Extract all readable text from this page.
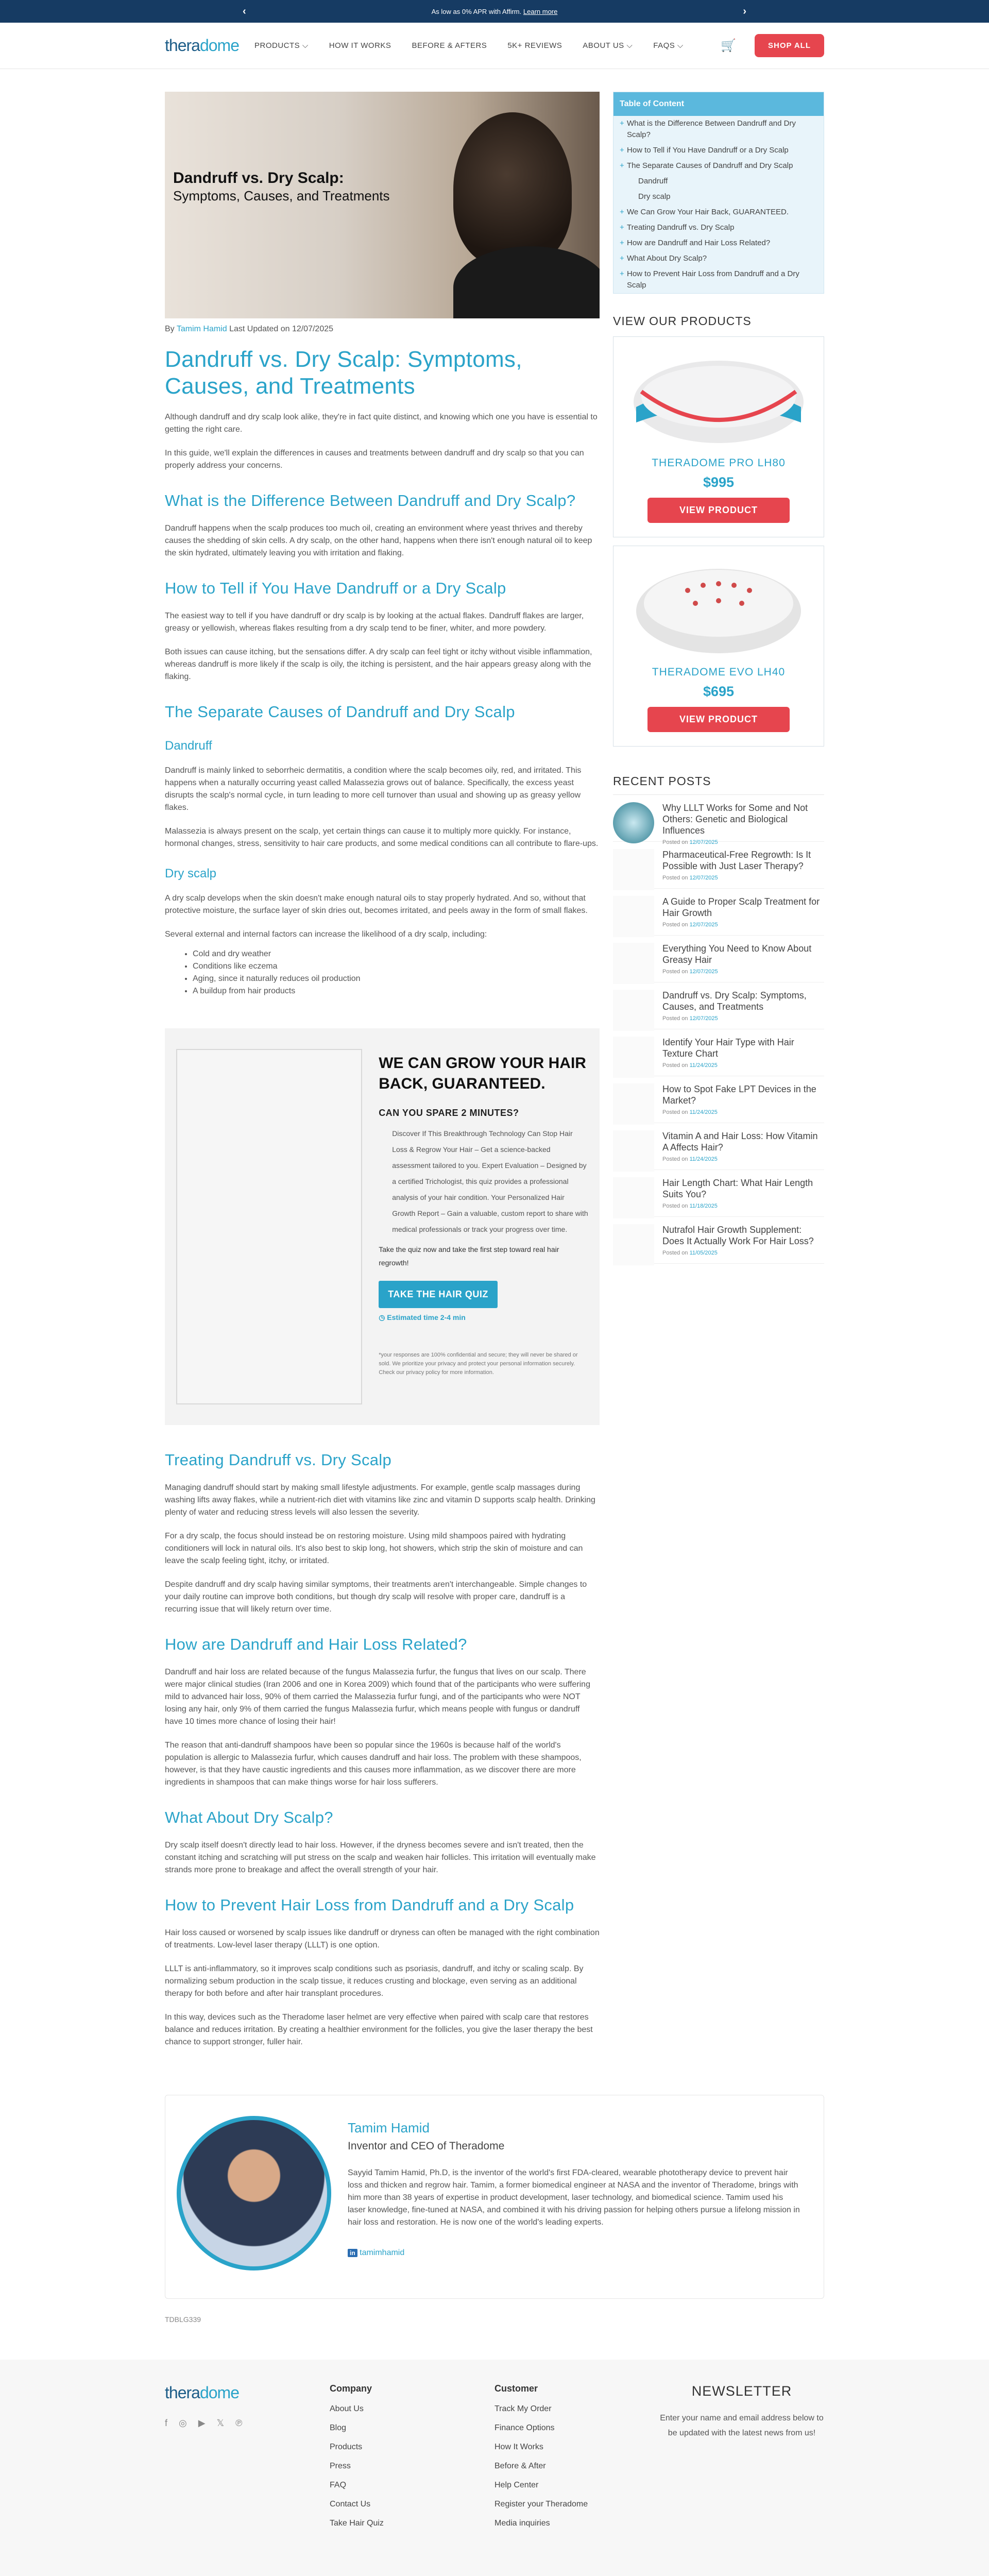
‹	As low as 0% APR with Affirm. Learn more	›
theradome	PRODUCTS ⌵	HOW IT WORKS	BEFORE & AFTERS	5K+ REVIEWS	ABOUT US ⌵	FAQS ⌵	🛒	SHOP ALL
Dandruff vs. Dry Scalp:
Symptoms, Causes, and Treatments
By Tamim Hamid Last Updated on 12/07/2025
Dandruff vs. Dry Scalp: Symptoms, Causes, and Treatments

Although dandruff and dry scalp look alike, they're in fact quite distinct, and knowing which one you have is essential to getting the right care.

In this guide, we'll explain the differences in causes and treatments between dandruff and dry scalp so that you can properly address your concerns.

What is the Difference Between Dandruff and Dry Scalp?

Dandruff happens when the scalp produces too much oil, creating an environment where yeast thrives and thereby causes the shedding of skin cells. A dry scalp, on the other hand, happens when there isn't enough natural oil to keep the skin hydrated, ultimately leaving you with irritation and flaking.

How to Tell if You Have Dandruff or a Dry Scalp

The easiest way to tell if you have dandruff or dry scalp is by looking at the actual flakes. Dandruff flakes are larger, greasy or yellowish, whereas flakes resulting from a dry scalp tend to be finer, whiter, and more powdery.

Both issues can cause itching, but the sensations differ. A dry scalp can feel tight or itchy without visible inflammation, whereas dandruff is more likely if the scalp is oily, the itching is persistent, and the hair appears greasy along with the flaking.

The Separate Causes of Dandruff and Dry Scalp
Dandruff

Dandruff is mainly linked to seborrheic dermatitis, a condition where the scalp becomes oily, red, and irritated. This happens when a naturally occurring yeast called Malassezia grows out of balance. Specifically, the excess yeast disrupts the scalp's normal cycle, in turn leading to more cell turnover than usual and showing up as greasy yellow flakes.

Malassezia is always present on the scalp, yet certain things can cause it to multiply more quickly. For instance, hormonal changes, stress, sensitivity to hair care products, and some medical conditions can all contribute to flare-ups.

Dry scalp

A dry scalp develops when the skin doesn't make enough natural oils to stay properly hydrated. And so, without that protective moisture, the surface layer of skin dries out, becomes irritated, and peels away in the form of small flakes.

Several external and internal factors can increase the likelihood of a dry scalp, including:

• Cold and dry weather
• Conditions like eczema
• Aging, since it naturally reduces oil production
• A buildup from hair products
WE CAN GROW YOUR HAIR BACK, GUARANTEED.
CAN YOU SPARE 2 MINUTES?
Discover If This Breakthrough Technology Can Stop Hair Loss & Regrow Your Hair – Get a science-backed assessment tailored to you. Expert Evaluation – Designed by a certified Trichologist, this quiz provides a professional analysis of your hair condition. Your Personalized Hair Growth Report – Gain a valuable, custom report to share with medical professionals or track your progress over time.
Take the quiz now and take the first step toward real hair regrowth!
TAKE THE HAIR QUIZ
◷ Estimated time 2-4 min
*your responses are 100% confidential and secure; they will never be shared or sold. We prioritize your privacy and protect your personal information securely. Check our privacy policy for more information.
Treating Dandruff vs. Dry Scalp

Managing dandruff should start by making small lifestyle adjustments. For example, gentle scalp massages during washing lifts away flakes, while a nutrient-rich diet with vitamins like zinc and vitamin D supports scalp health. Drinking plenty of water and reducing stress levels will also lessen the severity.

For a dry scalp, the focus should instead be on restoring moisture. Using mild shampoos paired with hydrating conditioners will lock in natural oils. It's also best to skip long, hot showers, which strip the skin of moisture and can leave the scalp feeling tight, itchy, or irritated.

Despite dandruff and dry scalp having similar symptoms, their treatments aren't interchangeable. Simple changes to your daily routine can improve both conditions, but though dry scalp will resolve with proper care, dandruff is a recurring issue that will likely return over time.

How are Dandruff and Hair Loss Related?

Dandruff and hair loss are related because of the fungus Malassezia furfur, the fungus that lives on our scalp. There were major clinical studies (Iran 2006 and one in Korea 2009) which found that of the participants who were suffering mild to advanced hair loss, 90% of them carried the Malassezia furfur fungi, and of the participants who were NOT losing any hair, only 9% of them carried the fungus Malassezia furfur, which means people with fungus or dandruff have 10 times more chance of losing their hair!

The reason that anti-dandruff shampoos have been so popular since the 1960s is because half of the world's population is allergic to Malassezia furfur, which causes dandruff and hair loss. The problem with these shampoos, however, is that they have caustic ingredients and this causes more inflammation, as we discover there are more ingredients in shampoos that can make things worse for hair loss sufferers.

What About Dry Scalp?

Dry scalp itself doesn't directly lead to hair loss. However, if the dryness becomes severe and isn't treated, then the constant itching and scratching will put stress on the scalp and weaken hair follicles. This irritation will eventually make strands more prone to breakage and affect the overall strength of your hair.

How to Prevent Hair Loss from Dandruff and a Dry Scalp

Hair loss caused or worsened by scalp issues like dandruff or dryness can often be managed with the right combination of treatments. Low-level laser therapy (LLLT) is one option.

LLLT is anti-inflammatory, so it improves scalp conditions such as psoriasis, dandruff, and itchy or scaling scalp. By normalizing sebum production in the scalp tissue, it reduces crusting and blockage, even serving as an additional therapy for both before and after hair transplant procedures.

In this way, devices such as the Theradome laser helmet are very effective when paired with scalp care that restores balance and reduces irritation. By creating a healthier environment for the follicles, you give the laser therapy the best chance to support stronger, fuller hair.

Table of Content
+ What is the Difference Between Dandruff and Dry Scalp?
+ How to Tell if You Have Dandruff or a Dry Scalp
+ The Separate Causes of Dandruff and Dry Scalp
Dandruff
Dry scalp
+ We Can Grow Your Hair Back, GUARANTEED.
+ Treating Dandruff vs. Dry Scalp
+ How are Dandruff and Hair Loss Related?
+ What About Dry Scalp?
+ How to Prevent Hair Loss from Dandruff and a Dry Scalp
VIEW OUR PRODUCTS
THERADOME PRO LH80
$995
VIEW PRODUCT
THERADOME EVO LH40
$695
VIEW PRODUCT
RECENT POSTS
Why LLLT Works for Some and Not Others: Genetic and Biological Influences
Posted on 12/07/2025
Pharmaceutical-Free Regrowth: Is It Possible with Just Laser Therapy?
Posted on 12/07/2025
A Guide to Proper Scalp Treatment for Hair Growth
Posted on 12/07/2025
Everything You Need to Know About Greasy Hair
Posted on 12/07/2025
Dandruff vs. Dry Scalp: Symptoms, Causes, and Treatments
Posted on 12/07/2025
Identify Your Hair Type with Hair Texture Chart
Posted on 11/24/2025
How to Spot Fake LPT Devices in the Market?
Posted on 11/24/2025
Vitamin A and Hair Loss: How Vitamin A Affects Hair?
Posted on 11/24/2025
Hair Length Chart: What Hair Length Suits You?
Posted on 11/18/2025
Nutrafol Hair Growth Supplement: Does It Actually Work For Hair Loss?
Posted on 11/05/2025
Tamim Hamid
Inventor and CEO of Theradome
Sayyid Tamim Hamid, Ph.D, is the inventor of the world's first FDA-cleared, wearable phototherapy device to prevent hair loss and thicken and regrow hair. Tamim, a former biomedical engineer at NASA and the inventor of Theradome, brings with him more than 38 years of expertise in product development, laser technology, and biomedical science. Tamim used his laser knowledge, fine-tuned at NASA, and combined it with his driving passion for helping others pursue a lifelong mission in hair loss and restoration. He is now one of the world's leading experts.
in tamimhamid
TDBLG339
theradome
f ◎ ▶ 𝕏 ℗
Company
About Us
Blog
Products
Press
FAQ
Contact Us
Take Hair Quiz
Customer
Track My Order
Finance Options
How It Works
Before & After
Help Center
Register your Theradome
Media inquiries
NEWSLETTER
Enter your name and email address below to be updated with the latest news from us!
